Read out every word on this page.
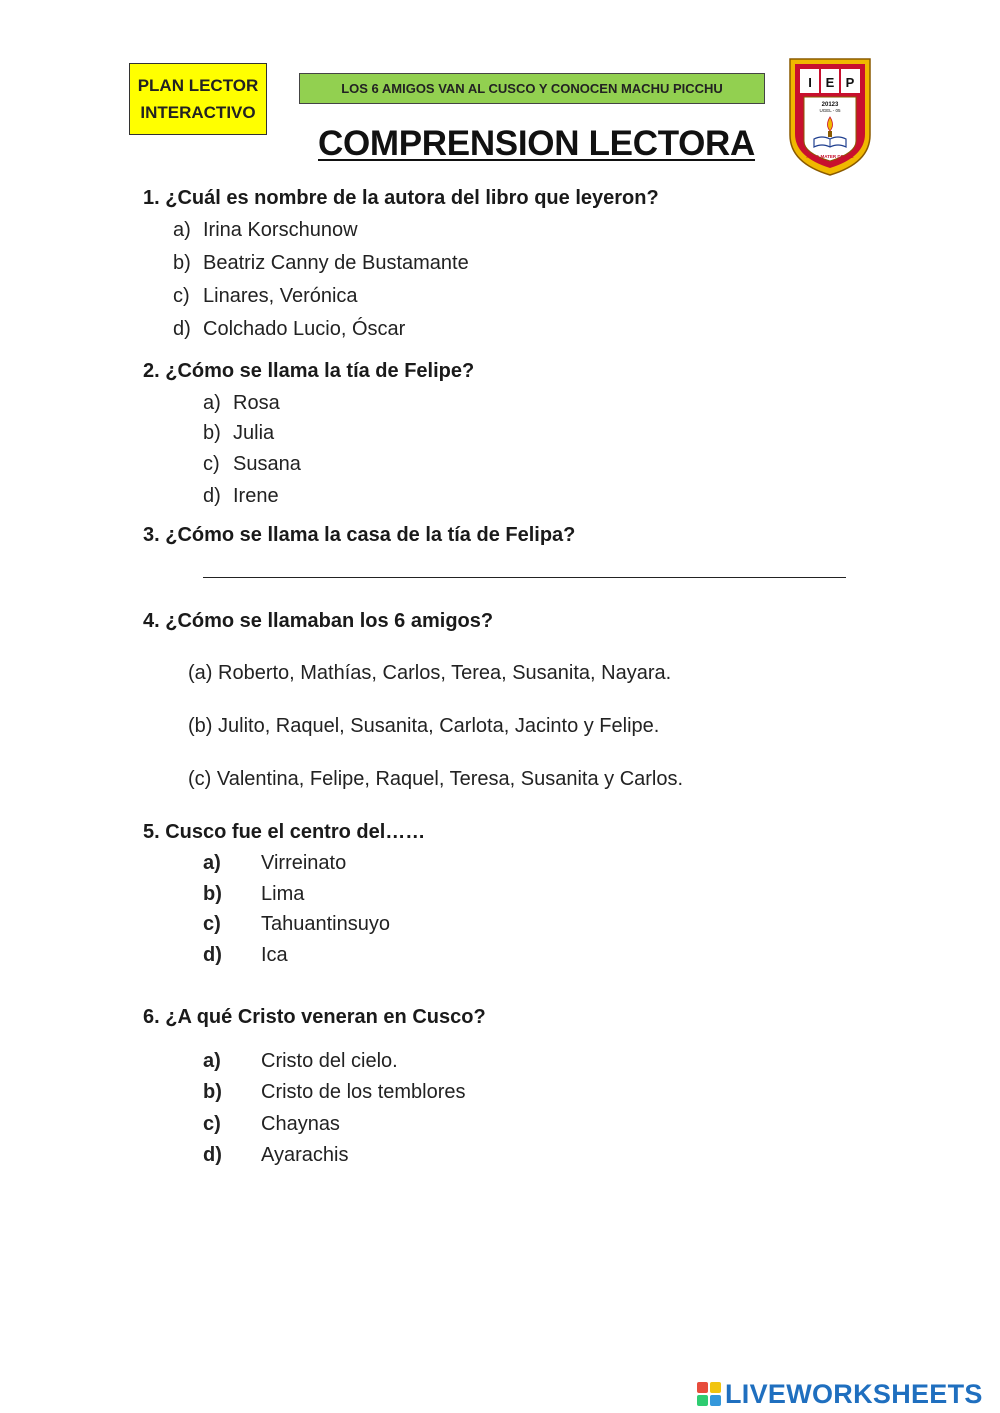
PLAN LECTOR
INTERACTIVO
LOS 6 AMIGOS VAN AL CUSCO Y CONOCEN MACHU PICCHU
COMPRENSION LECTORA
I E P
20123
UGEL - 05
ALMA MATER DE LUZ
1. ¿Cuál es nombre de la autora del libro que leyeron?
a) Irina Korschunow
b) Beatriz Canny de Bustamante
c) Linares, Verónica
d) Colchado Lucio, Óscar
2. ¿Cómo se llama la tía de Felipe?
a) Rosa
b) Julia
c) Susana
d) Irene
3. ¿Cómo se llama la casa de la tía de Felipa?
4. ¿Cómo se llamaban los 6 amigos?
(a) Roberto, Mathías, Carlos, Terea, Susanita, Nayara.
(b) Julito, Raquel, Susanita, Carlota, Jacinto y Felipe.
(c) Valentina, Felipe, Raquel, Teresa, Susanita y Carlos.
5. Cusco fue el centro del……
a) Virreinato
b) Lima
c) Tahuantinsuyo
d) Ica
6. ¿A qué Cristo veneran en Cusco?
a) Cristo del cielo.
b) Cristo de los temblores
c) Chaynas
d) Ayarachis
LIVEWORKSHEETS
